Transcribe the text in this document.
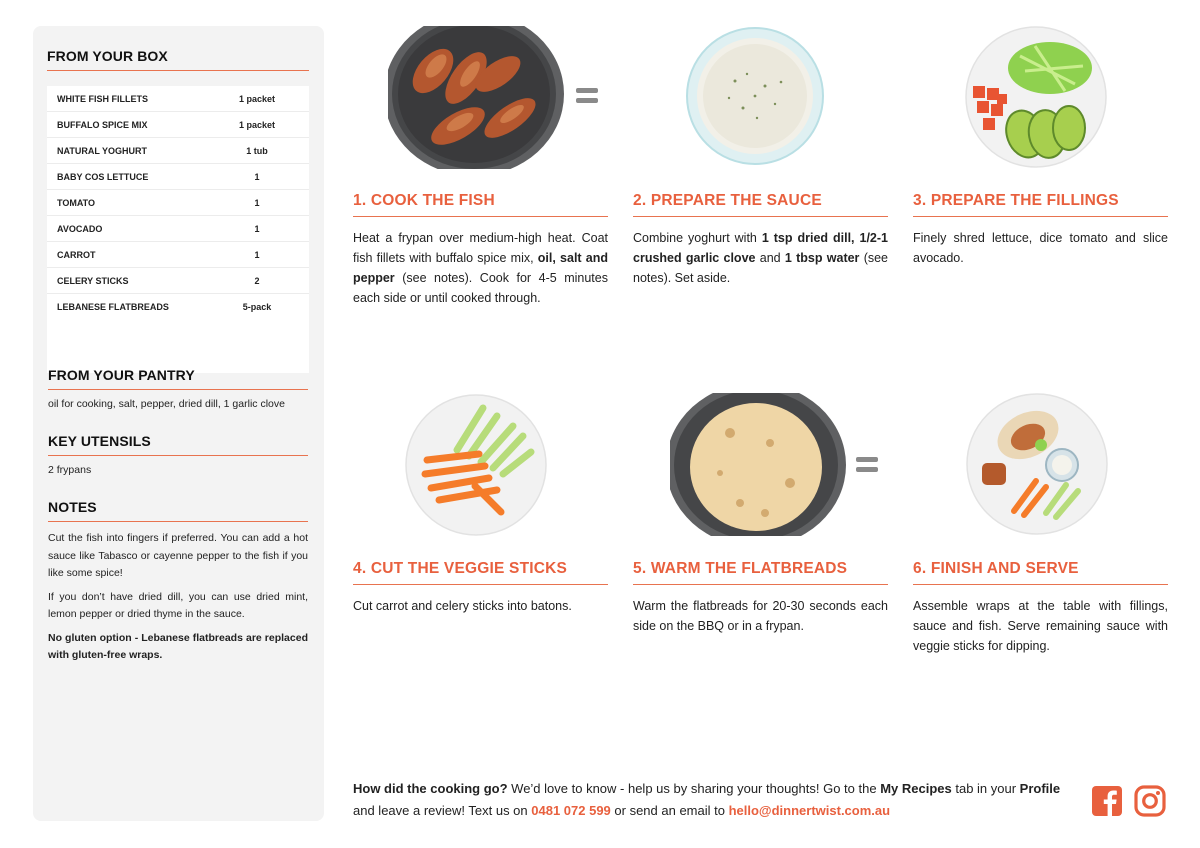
FROM YOUR BOX
WHITE FISH FILLETS	1 packet
BUFFALO SPICE MIX	1 packet
NATURAL YOGHURT	1 tub
BABY COS LETTUCE	1
TOMATO	1
AVOCADO	1
CARROT	1
CELERY STICKS	2
LEBANESE FLATBREADS	5-pack
FROM YOUR PANTRY
oil for cooking, salt, pepper, dried dill, 1 garlic clove
KEY UTENSILS
2 frypans
NOTES

Cut the fish into fingers if preferred. You can add a hot sauce like Tabasco or cayenne pepper to the fish if you like some spice!

If you don’t have dried dill, you can use dried mint, lemon pepper or dried thyme in the sauce.

No gluten option - Lebanese flatbreads are replaced with gluten-free wraps.

1. COOK THE FISH
Heat a frypan over medium-high heat. Coat fish fillets with buffalo spice mix, oil, salt and pepper (see notes). Cook for 4-5 minutes each side or until cooked through.
2. PREPARE THE SAUCE
Combine yoghurt with 1 tsp dried dill, 1/2-1 crushed garlic clove and 1 tbsp water (see notes). Set aside.
3. PREPARE THE FILLINGS
Finely shred lettuce, dice tomato and slice avocado.
4. CUT THE VEGGIE STICKS
Cut carrot and celery sticks into batons.
5. WARM THE FLATBREADS
Warm the flatbreads for 20-30 seconds each side on the BBQ or in a frypan.
6. FINISH AND SERVE
Assemble wraps at the table with fillings, sauce and fish. Serve remaining sauce with veggie sticks for dipping.
How did the cooking go? We’d love to know - help us by sharing your thoughts! Go to the My Recipes tab in your Profile and leave a review! Text us on 0481 072 599 or send an email to hello@dinnertwist.com.au
